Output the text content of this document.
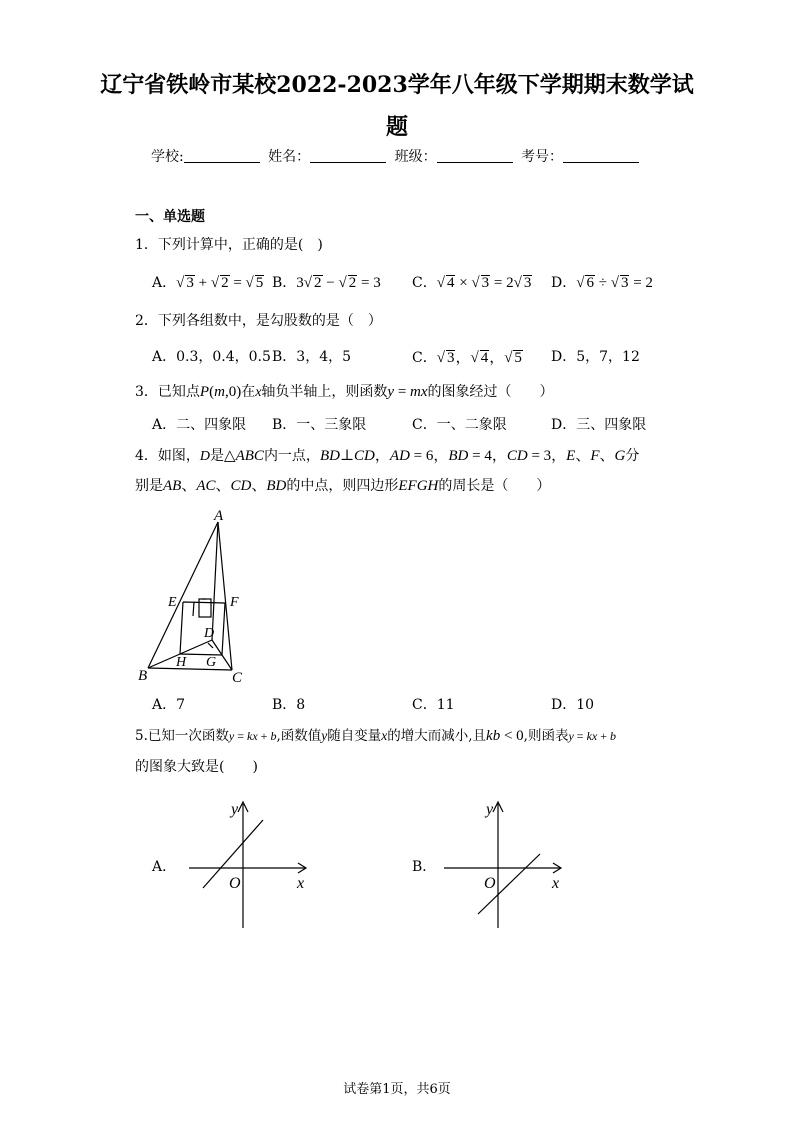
辽宁省铁岭市某校2022-2023学年八年级下学期期末数学试
题
学校:	姓名：	班级：	考号：
一、单选题
1．下列计算中，正确的是(　)
A．√ 3 + √ 2 = √ 5 B．3√ 2 − √ 2 = 3 C．√ 4 × √ 3 = 2√ 3 D．√ 6 ÷ √ 3 = 2
2．下列各组数中，是勾股数的是（　）
A．0.3，0.4，0.5 B．3，4，5	C．√ 3，√ 4，√ 5 D．5，7，12
3．已知点P(m,0)在x轴负半轴上，则函数y = mx的图象经过（　　）
A．二、四象限 B．一、三象限	C．一、二象限	D．三、四象限
4．如图，D是△ABC内一点，BD⊥CD，AD = 6，BD = 4，CD = 3，E、F、G分
别是AB、AC、CD、BD的中点，则四边形EFGH的周长是（　　）
A
E	F
D
H G
B	C
A．7	B．8	C．11	D．10
5.已知一次函数y = kx + b,函数值y随自变量x的增大而减小,且kb < 0,则函表y = kx + b
的图象大致是(　　)
A．
y
x
O
B．
y
x
O
试卷第1页，共6页
